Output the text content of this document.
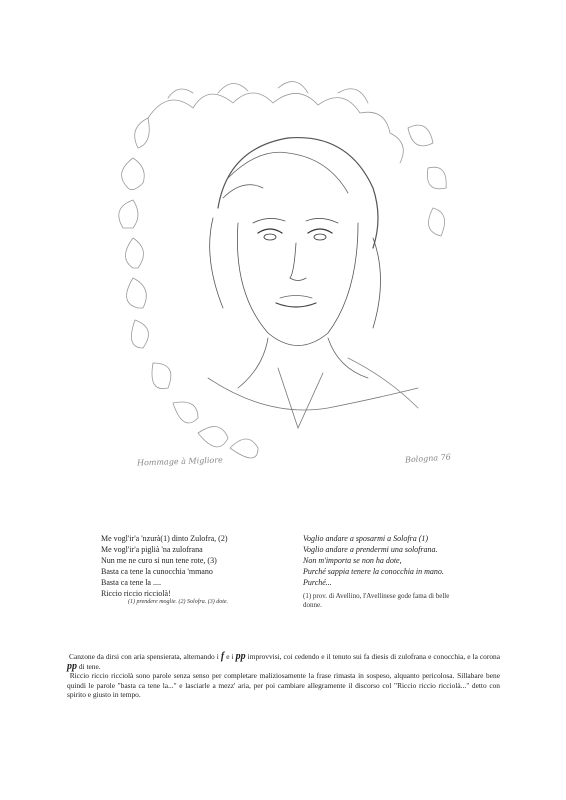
Hommage à Migliore	Bologna 76
Me vogl'ir'a 'nzurà(1) dinto Zulofra, (2)
Me vogl'ir'a piglià 'na zulofrana
Nun me ne curo si nun tene rote, (3)
Basta ca tene la cunocchia 'mmano
Basta ca tene la ....
Riccio riccio ricciolà!
(1) prendere moglie. (2) Solofra. (3) dote.
Voglio andare a sposarmi a Solofra (1)
Voglio andare a prendermi una solofrana.
Non m'importa se non ha dote,
Purché sappia tenere la conocchia in mano.
Purché...
(1) prov. di Avellino, l'Avellinese gode fama di belle donne.

Canzone da dirsi con aria spensierata, alternando i f e i pp improvvisi, coi cedendo e il tenuto sui fa diesis di zulofrana e conocchia, e la corona pp di tene.

Riccio riccio ricciolà sono parole senza senso per completare maliziosamente la frase rimasta in sospeso, alquanto pericolosa. Sillabare bene quindi le parole "basta ca tene la..." e lasciarle a mezz' aria, per poi cambiare allegramente il discorso col "Riccio riccio ricciolà..." detto con spirito e giusto in tempo.
